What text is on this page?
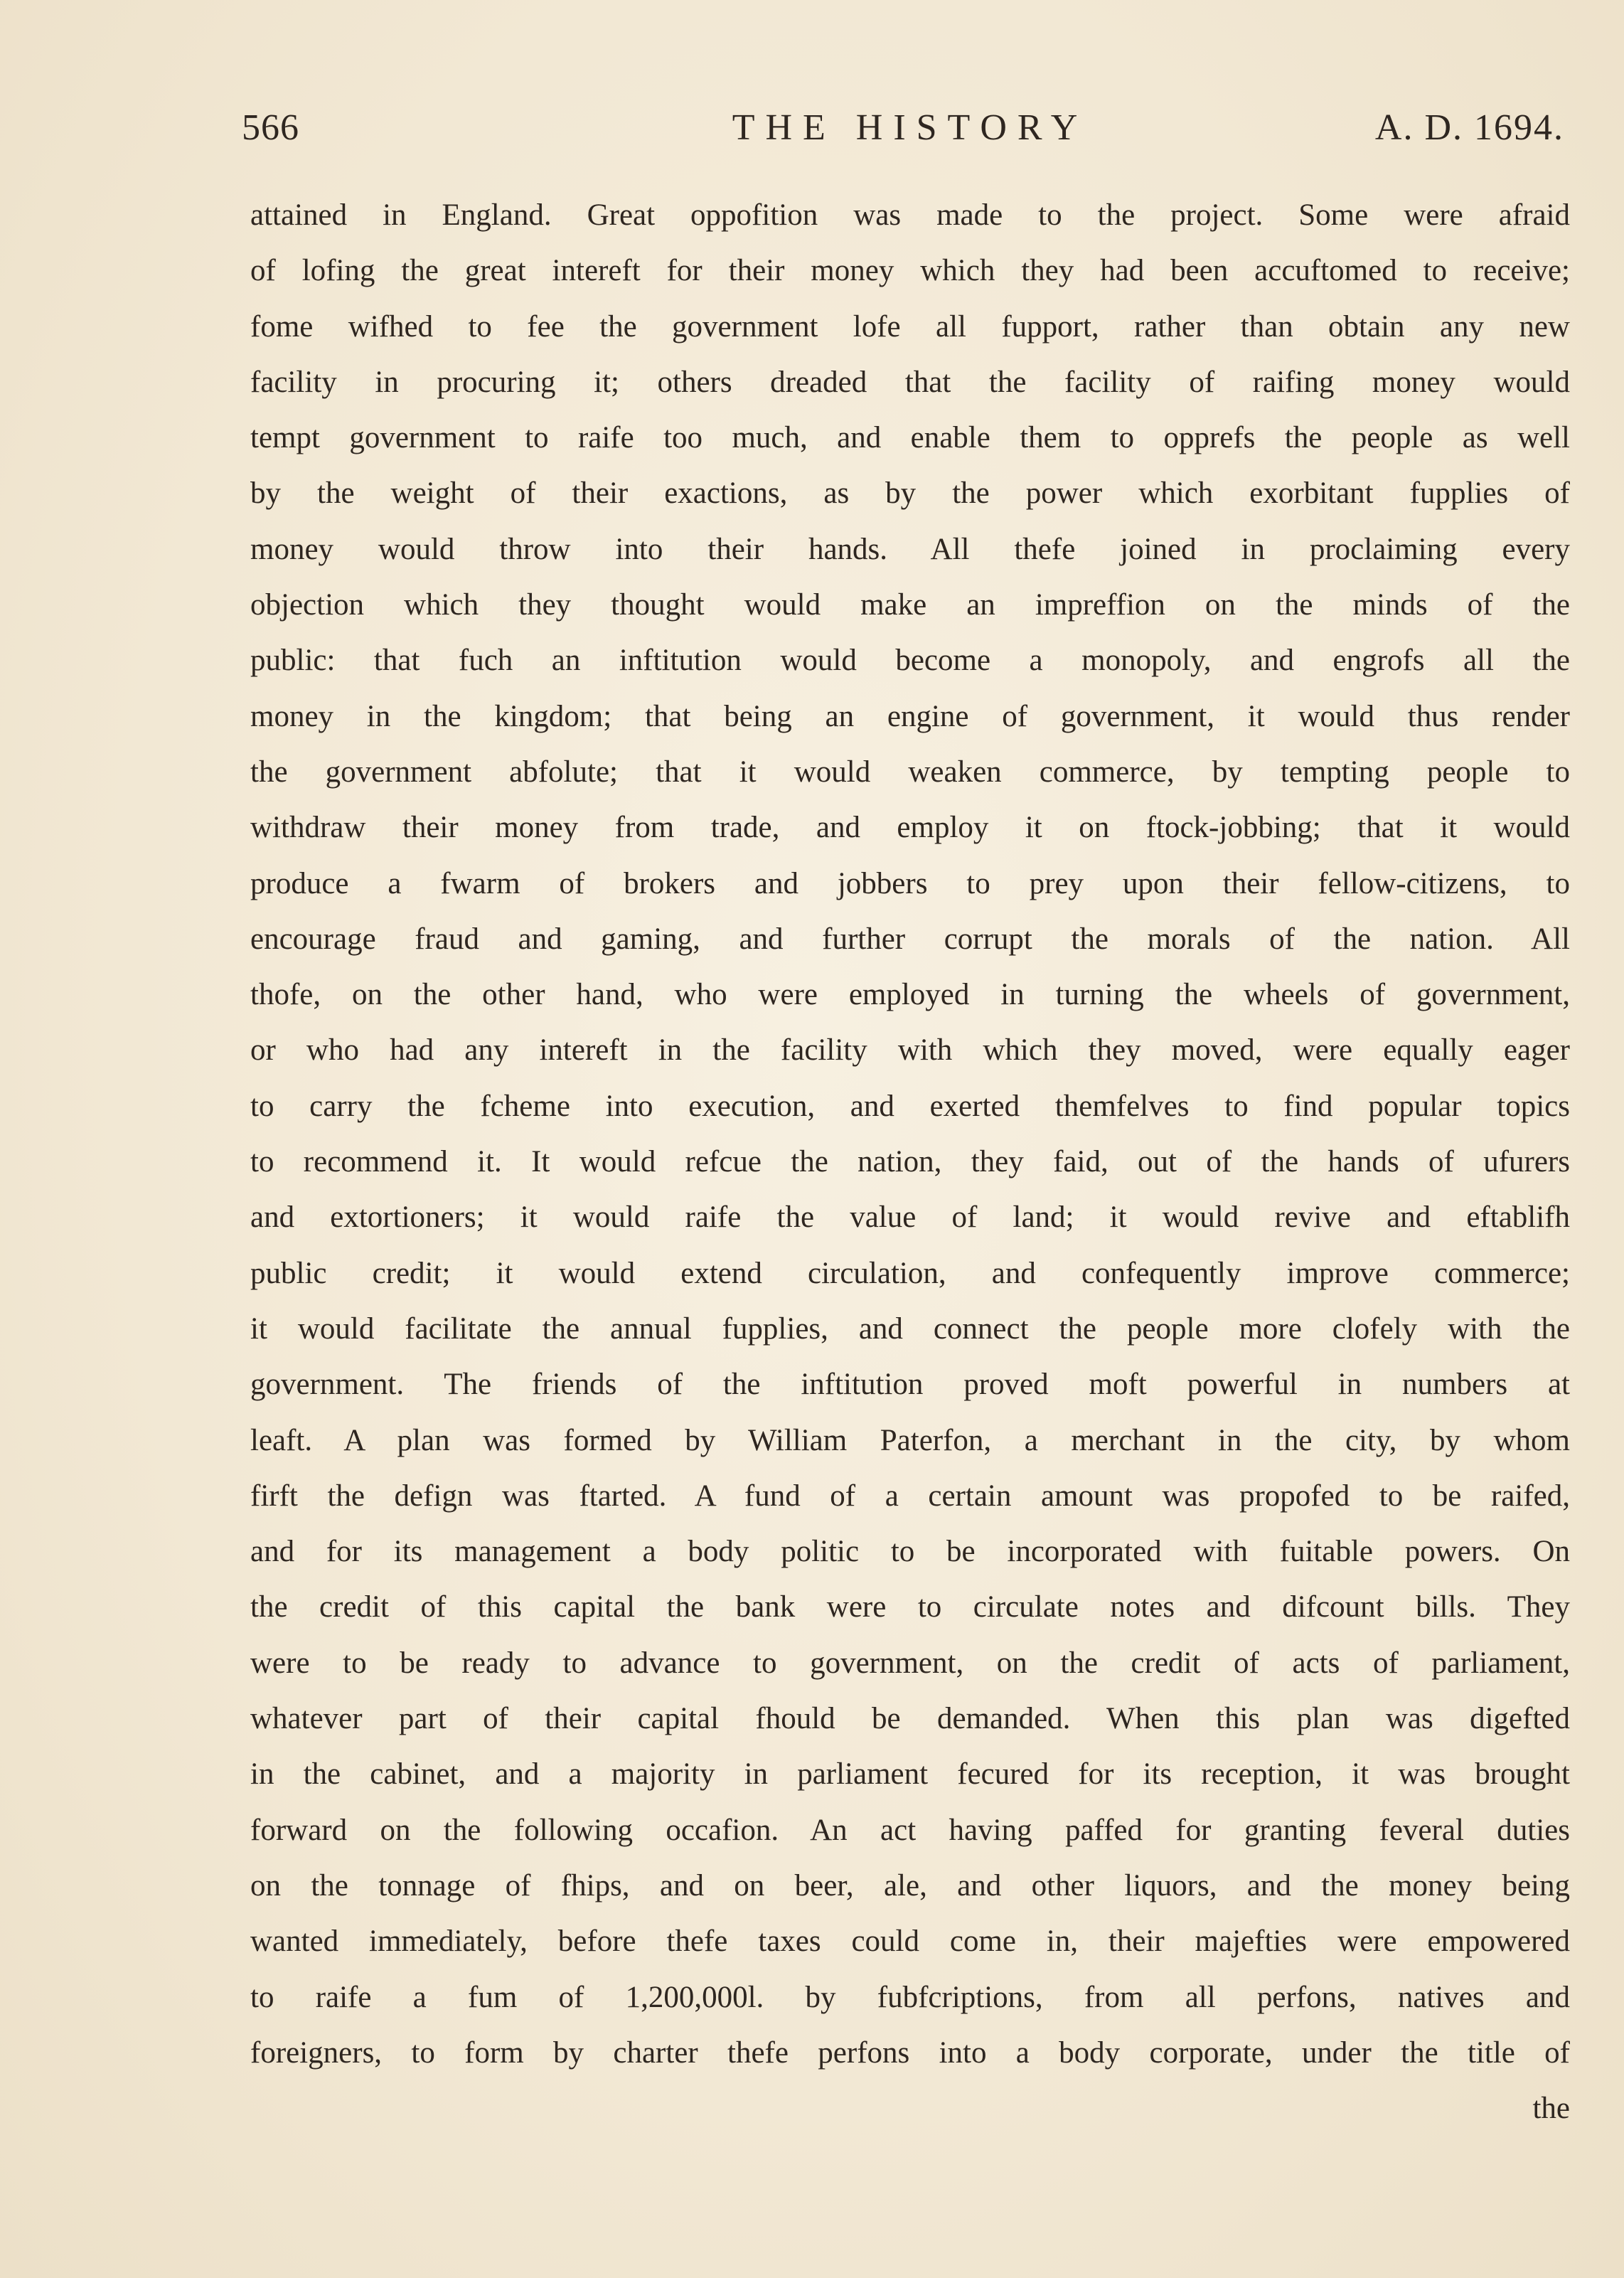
566	THE HISTORY	A. D. 1694.
attained in England. Great oppofition was made to the project. Some were afraid
of lofing the great intereft for their money which they had been accuftomed to receive;
fome wifhed to fee the government lofe all fupport, rather than obtain any new
facility in procuring it; others dreaded that the facility of raifing money would
tempt government to raife too much, and enable them to opprefs the people as well
by the weight of their exactions, as by the power which exorbitant fupplies of
money would throw into their hands. All thefe joined in proclaiming every
objection which they thought would make an impreffion on the minds of the
public: that fuch an inftitution would become a monopoly, and engrofs all the
money in the kingdom; that being an engine of government, it would thus render
the government abfolute; that it would weaken commerce, by tempting people to
withdraw their money from trade, and employ it on ftock-jobbing; that it would
produce a fwarm of brokers and jobbers to prey upon their fellow-citizens, to
encourage fraud and gaming, and further corrupt the morals of the nation. All
thofe, on the other hand, who were employed in turning the wheels of government,
or who had any intereft in the facility with which they moved, were equally eager
to carry the fcheme into execution, and exerted themfelves to find popular topics
to recommend it. It would refcue the nation, they faid, out of the hands of ufurers
and extortioners; it would raife the value of land; it would revive and eftablifh
public credit; it would extend circulation, and confequently improve commerce;
it would facilitate the annual fupplies, and connect the people more clofely with the
government. The friends of the inftitution proved moft powerful in numbers at
leaft. A plan was formed by William Paterfon, a merchant in the city, by whom
firft the defign was ftarted. A fund of a certain amount was propofed to be raifed,
and for its management a body politic to be incorporated with fuitable powers. On
the credit of this capital the bank were to circulate notes and difcount bills. They
were to be ready to advance to government, on the credit of acts of parliament,
whatever part of their capital fhould be demanded. When this plan was digefted
in the cabinet, and a majority in parliament fecured for its reception, it was brought
forward on the following occafion. An act having paffed for granting feveral duties
on the tonnage of fhips, and on beer, ale, and other liquors, and the money being
wanted immediately, before thefe taxes could come in, their majefties were empowered
to raife a fum of 1,200,000l. by fubfcriptions, from all perfons, natives and
foreigners, to form by charter thefe perfons into a body corporate, under the title of
the
